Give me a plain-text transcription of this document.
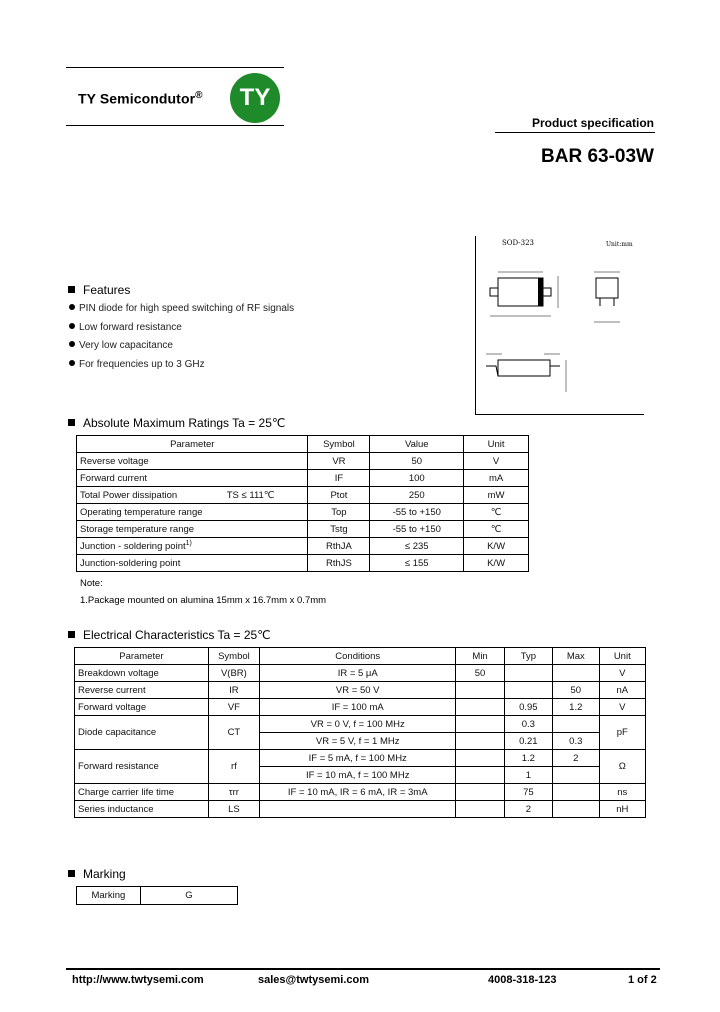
TY Semicondutor®	TY
Product specification
BAR 63-03W
SOD-323	Unit:mm
Features
PIN diode for high speed switching of RF signals
Low forward resistance
Very low capacitance
For frequencies up to 3 GHz
Absolute Maximum Ratings Ta = 25℃
Parameter	Symbol	Value	Unit
Reverse voltage	VR	50	V
Forward current	IF	100	mA
Total Power dissipation TS ≤ 111℃	Ptot	250	mW
Operating temperature range	Top	-55 to +150	℃
Storage temperature range	Tstg	-55 to +150	℃
Junction - soldering point$^{1)}$	RthJA	≤ 235	K/W
Junction-soldering point	RthJS	≤ 155	K/W
Note:
1.Package mounted on alumina 15mm x 16.7mm x 0.7mm
Electrical Characteristics Ta = 25℃
Parameter	Symbol	Conditions	Min	Typ	Max	Unit
Breakdown voltage	V(BR)	IR = 5 μA	50			V
Reverse current	IR	VR = 50 V			50	nA
Forward voltage	VF	IF = 100 mA		0.95	1.2	V
Diode capacitance	CT	VR = 0 V, f = 100 MHz		0.3		pF
		VR = 5 V, f = 1 MHz		0.21	0.3	
Forward resistance	rf	IF = 5 mA, f = 100 MHz		1.2	2	Ω
		IF = 10 mA, f = 100 MHz		1		
Charge carrier life time	τrr	IF = 10 mA, IR = 6 mA, IR = 3mA		75		ns
Series inductance	LS			2		nH
Marking
Marking	G
http://www.twtysemi.com	sales@twtysemi.com	4008-318-123	1 of 2
